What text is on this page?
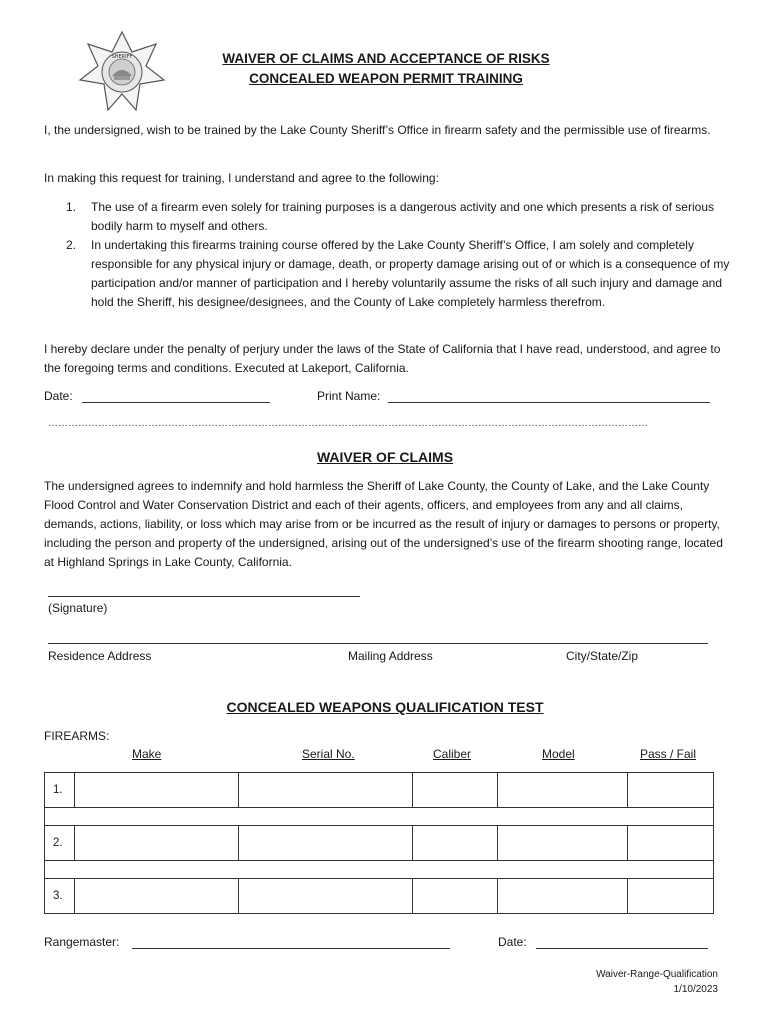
SHERIFF	WAIVER OF CLAIMS AND ACCEPTANCE OF RISKS
CONCEALED WEAPON PERMIT TRAINING
I, the undersigned, wish to be trained by the Lake County Sheriff’s Office in firearm safety and the permissible use of firearms.
In making this request for training, I understand and agree to the following:
1. The use of a firearm even solely for training purposes is a dangerous activity and one which presents a risk of serious bodily harm to myself and others.
2. In undertaking this firearms training course offered by the Lake County Sheriff’s Office, I am solely and completely responsible for any physical injury or damage, death, or property damage arising out of or which is a consequence of my participation and/or manner of participation and I hereby voluntarily assume the risks of all such injury and damage and hold the Sheriff, his designee/designees, and the County of Lake completely harmless therefrom.
I hereby declare under the penalty of perjury under the laws of the State of California that I have read, understood, and agree to the foregoing terms and conditions. Executed at Lakeport, California.
Date:	Print Name:
………………………………………………………………………………………………………………………………………………………………
WAIVER OF CLAIMS
The undersigned agrees to indemnify and hold harmless the Sheriff of Lake County, the County of Lake, and the Lake County Flood Control and Water Conservation District and each of their agents, officers, and employees from any and all claims, demands, actions, liability, or loss which may arise from or be incurred as the result of injury or damages to persons or property, including the person and property of the undersigned, arising out of the undersigned’s use of the firearm shooting range, located at Highland Springs in Lake County, California.
(Signature)
Residence Address	Mailing Address	City/State/Zip
CONCEALED WEAPONS QUALIFICATION TEST
FIREARMS:
Make	Serial No.	Caliber	Model	Pass / Fail
1.					

2.					

3.					
Rangemaster:	Date:
Waiver-Range-Qualification
1/10/2023
